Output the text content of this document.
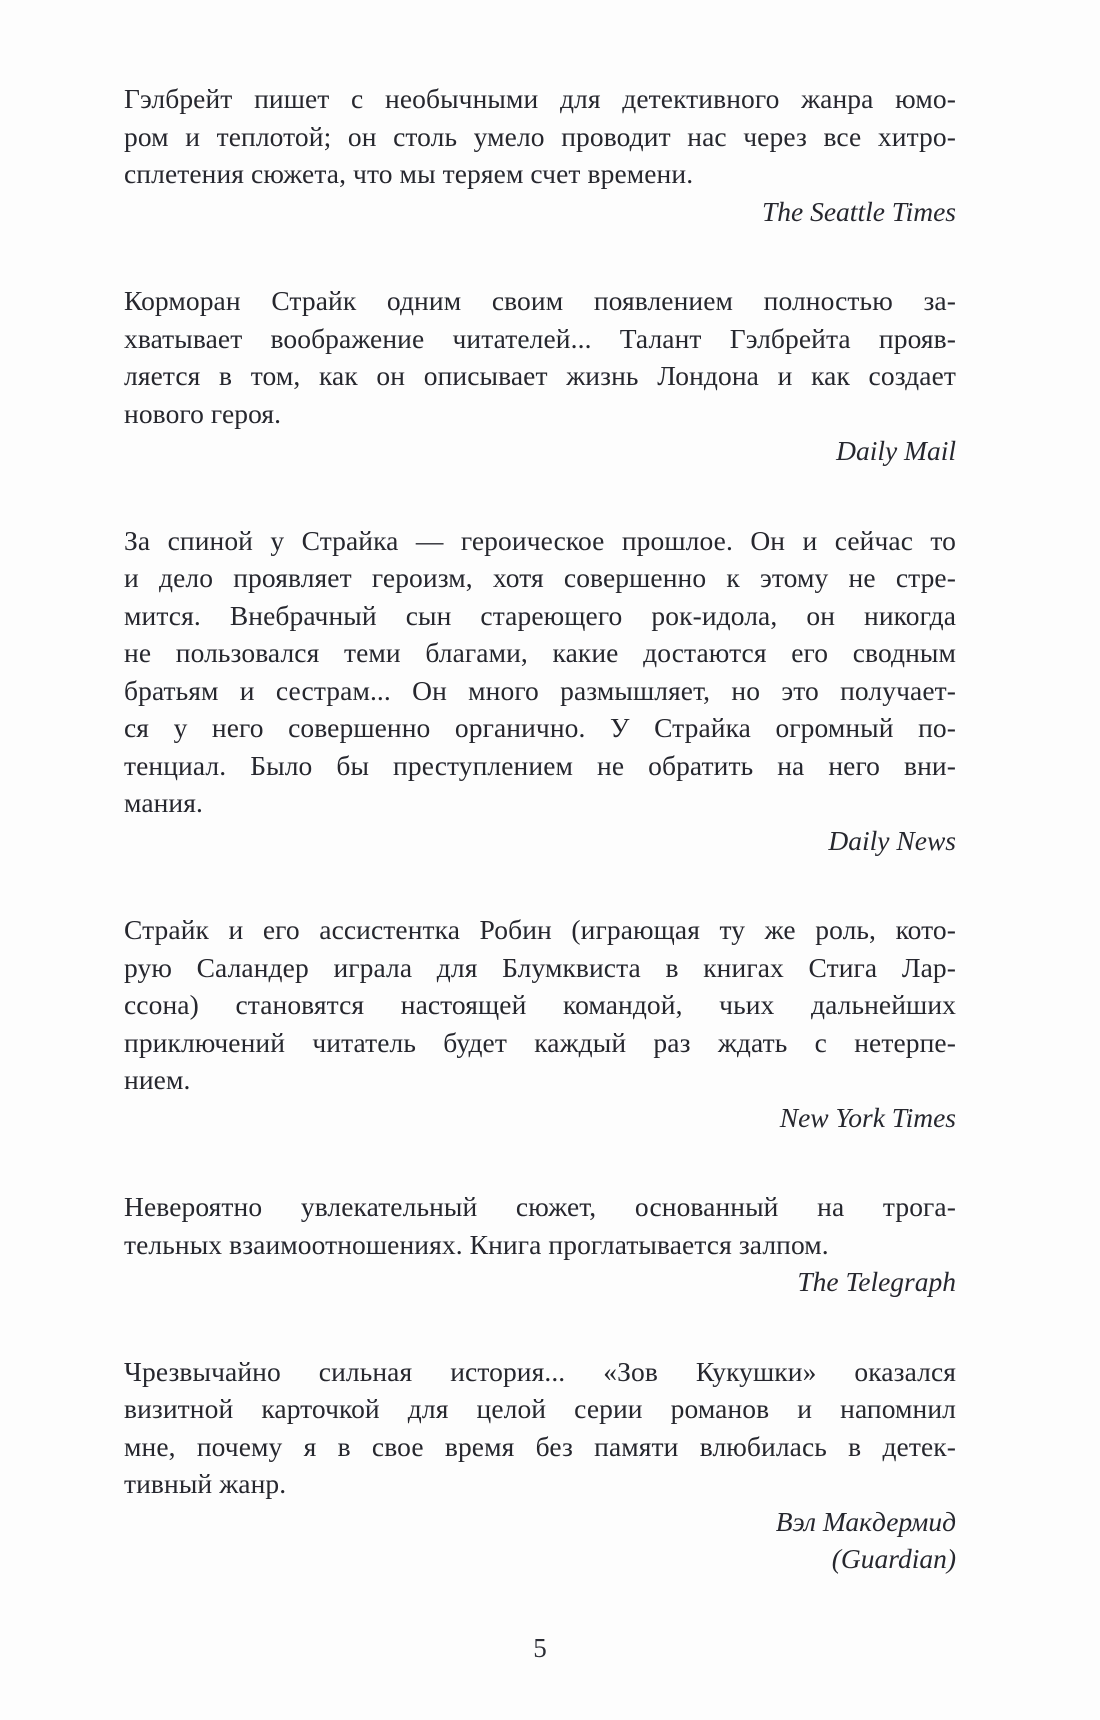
Гэлбрейт пишет с необычными для детективного жанра юмо-
ром и теплотой; он столь умело проводит нас через все хитро-
сплетения сюжета, что мы теряем счет времени.
The Seattle Times
Корморан Страйк одним своим появлением полностью за-
хватывает воображение читателей... Талант Гэлбрейта прояв-
ляется в том, как он описывает жизнь Лондона и как создает
нового героя.
Daily Mail
За спиной у Страйка — героическое прошлое. Он и сейчас то
и дело проявляет героизм, хотя совершенно к этому не стре-
мится. Внебрачный сын стареющего рок-идола, он никогда
не пользовался теми благами, какие достаются его сводным
братьям и сестрам... Он много размышляет, но это получает-
ся у него совершенно органично. У Страйка огромный по-
тенциал. Было бы преступлением не обратить на него вни-
мания.
Daily News
Страйк и его ассистентка Робин (играющая ту же роль, кото-
рую Саландер играла для Блумквиста в книгах Стига Лар-
ссона) становятся настоящей командой, чьих дальнейших
приключений читатель будет каждый раз ждать с нетерпе-
нием.
New York Times
Невероятно увлекательный сюжет, основанный на трога-
тельных взаимоотношениях. Книга проглатывается залпом.
The Telegraph
Чрезвычайно сильная история... «Зов Кукушки» оказался
визитной карточкой для целой серии романов и напомнил
мне, почему я в свое время без памяти влюбилась в детек-
тивный жанр.
Вэл Макдермид
(Guardian)
5
